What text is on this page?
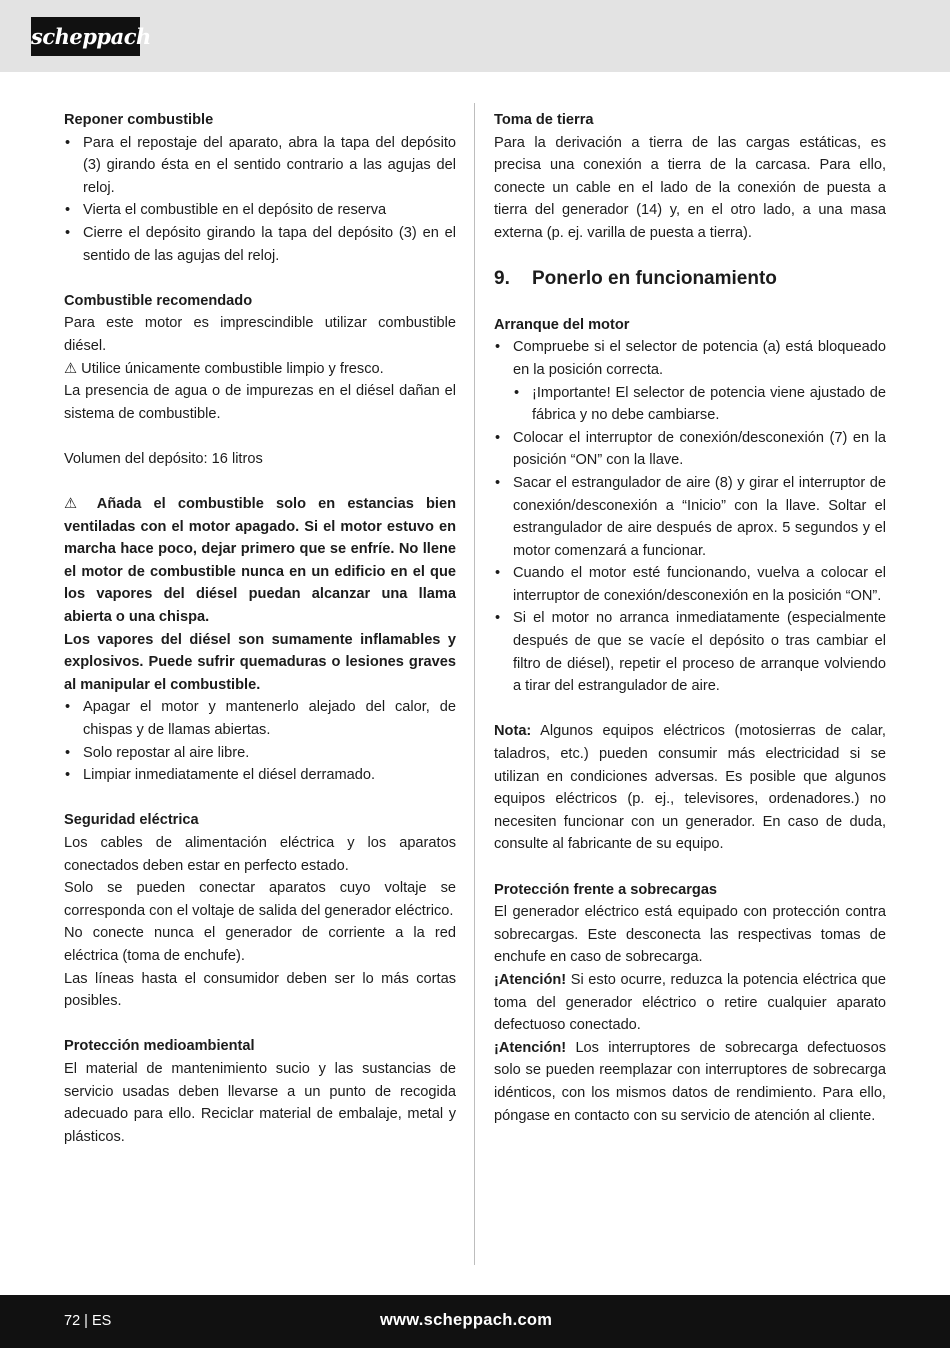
scheppach
Reponer combustible
• Para el repostaje del aparato, abra la tapa del depósito (3) girando ésta en el sentido contrario a las agujas del reloj.
• Vierta el combustible en el depósito de reserva
• Cierre el depósito girando la tapa del depósito (3) en el sentido de las agujas del reloj.
Combustible recomendado
Para este motor es imprescindible utilizar combustible diésel.
⚠ Utilice únicamente combustible limpio y fresco.
La presencia de agua o de impurezas en el diésel dañan el sistema de combustible.
Volumen del depósito: 16 litros
⚠ Añada el combustible solo en estancias bien ventiladas con el motor apagado. Si el motor estuvo en marcha hace poco, dejar primero que se enfríe. No llene el motor de combustible nunca en un edificio en el que los vapores del diésel puedan alcanzar una llama abierta o una chispa.
Los vapores del diésel son sumamente inflamables y explosivos. Puede sufrir quemaduras o lesiones graves al manipular el combustible.
• Apagar el motor y mantenerlo alejado del calor, de chispas y de llamas abiertas.
• Solo repostar al aire libre.
• Limpiar inmediatamente el diésel derramado.
Seguridad eléctrica
Los cables de alimentación eléctrica y los aparatos conectados deben estar en perfecto estado.
Solo se pueden conectar aparatos cuyo voltaje se corresponda con el voltaje de salida del generador eléctrico.
No conecte nunca el generador de corriente a la red eléctrica (toma de enchufe).
Las líneas hasta el consumidor deben ser lo más cortas posibles.
Protección medioambiental
El material de mantenimiento sucio y las sustancias de servicio usadas deben llevarse a un punto de recogida adecuado para ello. Reciclar material de embalaje, metal y plásticos.
Toma de tierra
Para la derivación a tierra de las cargas estáticas, es precisa una conexión a tierra de la carcasa. Para ello, conecte un cable en el lado de la conexión de puesta a tierra del generador (14) y, en el otro lado, a una masa externa (p. ej. varilla de puesta a tierra).
9. Ponerlo en funcionamiento
Arranque del motor
• Compruebe si el selector de potencia (a) está bloqueado en la posición correcta.
• ¡Importante! El selector de potencia viene ajustado de fábrica y no debe cambiarse.
• Colocar el interruptor de conexión/desconexión (7) en la posición “ON” con la llave.
• Sacar el estrangulador de aire (8) y girar el interruptor de conexión/desconexión a “Inicio” con la llave. Soltar el estrangulador de aire después de aprox. 5 segundos y el motor comenzará a funcionar.
• Cuando el motor esté funcionando, vuelva a colocar el interruptor de conexión/desconexión en la posición “ON”.
• Si el motor no arranca inmediatamente (especialmente después de que se vacíe el depósito o tras cambiar el filtro de diésel), repetir el proceso de arranque volviendo a tirar del estrangulador de aire.
Nota: Algunos equipos eléctricos (motosierras de calar, taladros, etc.) pueden consumir más electricidad si se utilizan en condiciones adversas. Es posible que algunos equipos eléctricos (p. ej., televisores, ordenadores.) no necesiten funcionar con un generador. En caso de duda, consulte al fabricante de su equipo.
Protección frente a sobrecargas
El generador eléctrico está equipado con protección contra sobrecargas. Este desconecta las respectivas tomas de enchufe en caso de sobrecarga.
¡Atención! Si esto ocurre, reduzca la potencia eléctrica que toma del generador eléctrico o retire cualquier aparato defectuoso conectado.
¡Atención! Los interruptores de sobrecarga defectuosos solo se pueden reemplazar con interruptores de sobrecarga idénticos, con los mismos datos de rendimiento. Para ello, póngase en contacto con su servicio de atención al cliente.
72 | ES	www.scheppach.com
